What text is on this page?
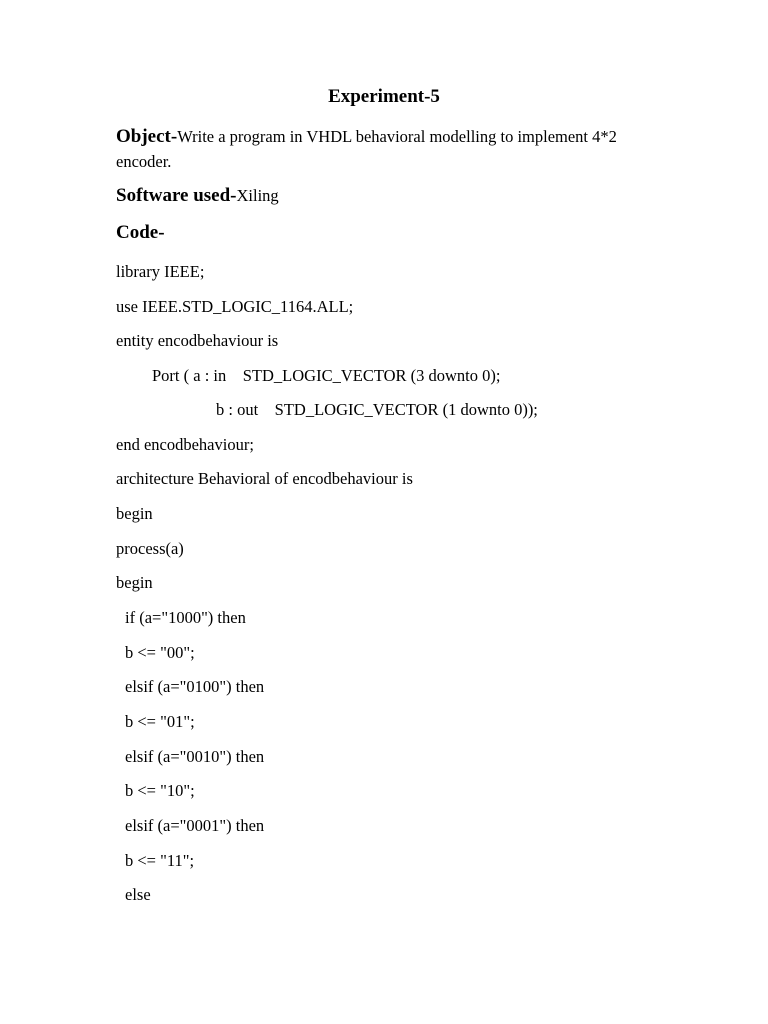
Experiment-5
Object-Write a program in VHDL behavioral modelling to implement 4*2 encoder.
Software used-Xiling
Code-
library IEEE;
use IEEE.STD_LOGIC_1164.ALL;
entity encodbehaviour is
Port ( a : in    STD_LOGIC_VECTOR (3 downto 0);
b : out    STD_LOGIC_VECTOR (1 downto 0));
end encodbehaviour;
architecture Behavioral of encodbehaviour is
begin
process(a)
begin
if (a="1000") then
b <= "00";
elsif (a="0100") then
b <= "01";
elsif (a="0010") then
b <= "10";
elsif (a="0001") then
b <= "11";
else
